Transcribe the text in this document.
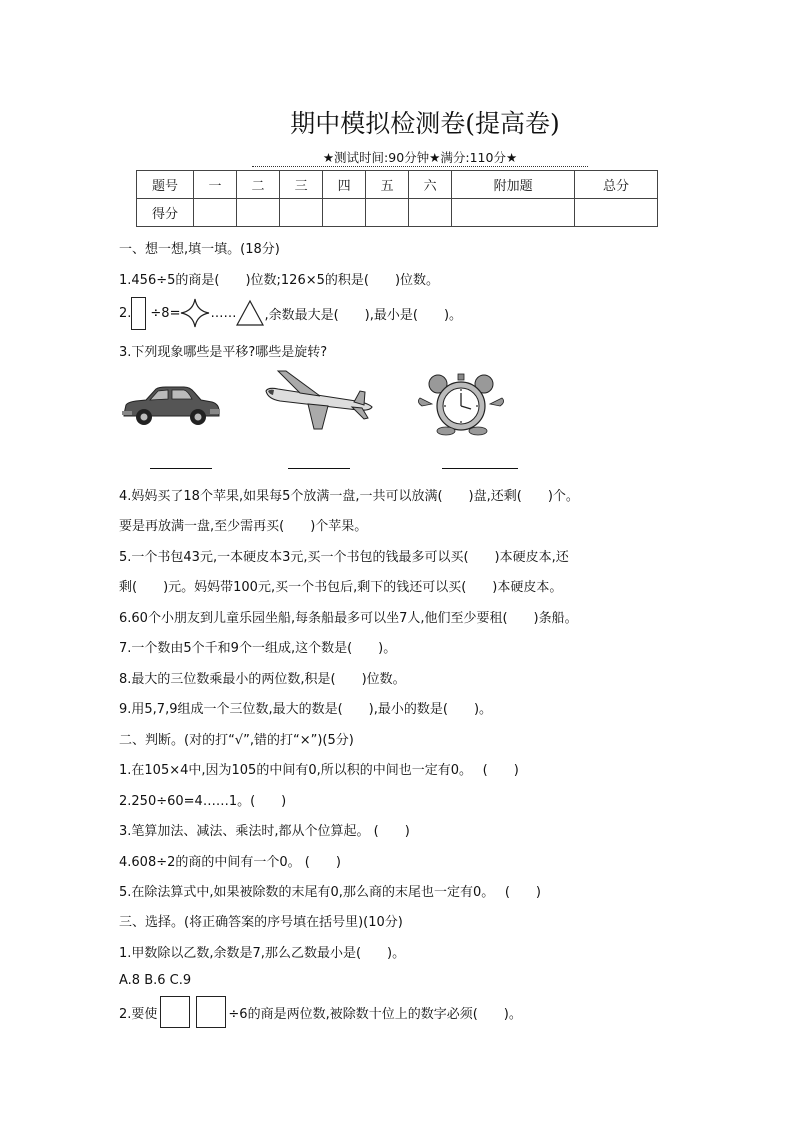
期中模拟检测卷(提高卷)
★测试时间:90分钟★满分:110分★
题号	一	二	三	四	五	六	附加题	总分
得分								
一、想一想,填一填。(18分)
1.456÷5的商是(　　)位数;126×5的积是(　　)位数。
2. ÷8= …… ,余数最大是(　　),最小是(　　)。
3.下列现象哪些是平移?哪些是旋转?
4.妈妈买了18个苹果,如果每5个放满一盘,一共可以放满(　　)盘,还剩(　　)个。
要是再放满一盘,至少需再买(　　)个苹果。
5.一个书包43元,一本硬皮本3元,买一个书包的钱最多可以买(　　)本硬皮本,还
剩(　　)元。妈妈带100元,买一个书包后,剩下的钱还可以买(　　)本硬皮本。
6.60个小朋友到儿童乐园坐船,每条船最多可以坐7人,他们至少要租(　　)条船。
7.一个数由5个千和9个一组成,这个数是(　　)。
8.最大的三位数乘最小的两位数,积是(　　)位数。
9.用5,7,9组成一个三位数,最大的数是(　　),最小的数是(　　)。
二、判断。(对的打“√”,错的打“×”)(5分)
1.在105×4中,因为105的中间有0,所以积的中间也一定有0。　 (　　)
2.250÷60=4……1。(　　)
3.笔算加法、减法、乘法时,都从个位算起。 (　　)
4.608÷2的商的中间有一个0。 (　　)
5.在除法算式中,如果被除数的末尾有0,那么商的末尾也一定有0。　 (　　)
三、选择。(将正确答案的序号填在括号里)(10分)
1.甲数除以乙数,余数是7,那么乙数最小是(　　)。
A.8 B.6 C.9
2.要使	÷6的商是两位数,被除数十位上的数字必须(　　)。
